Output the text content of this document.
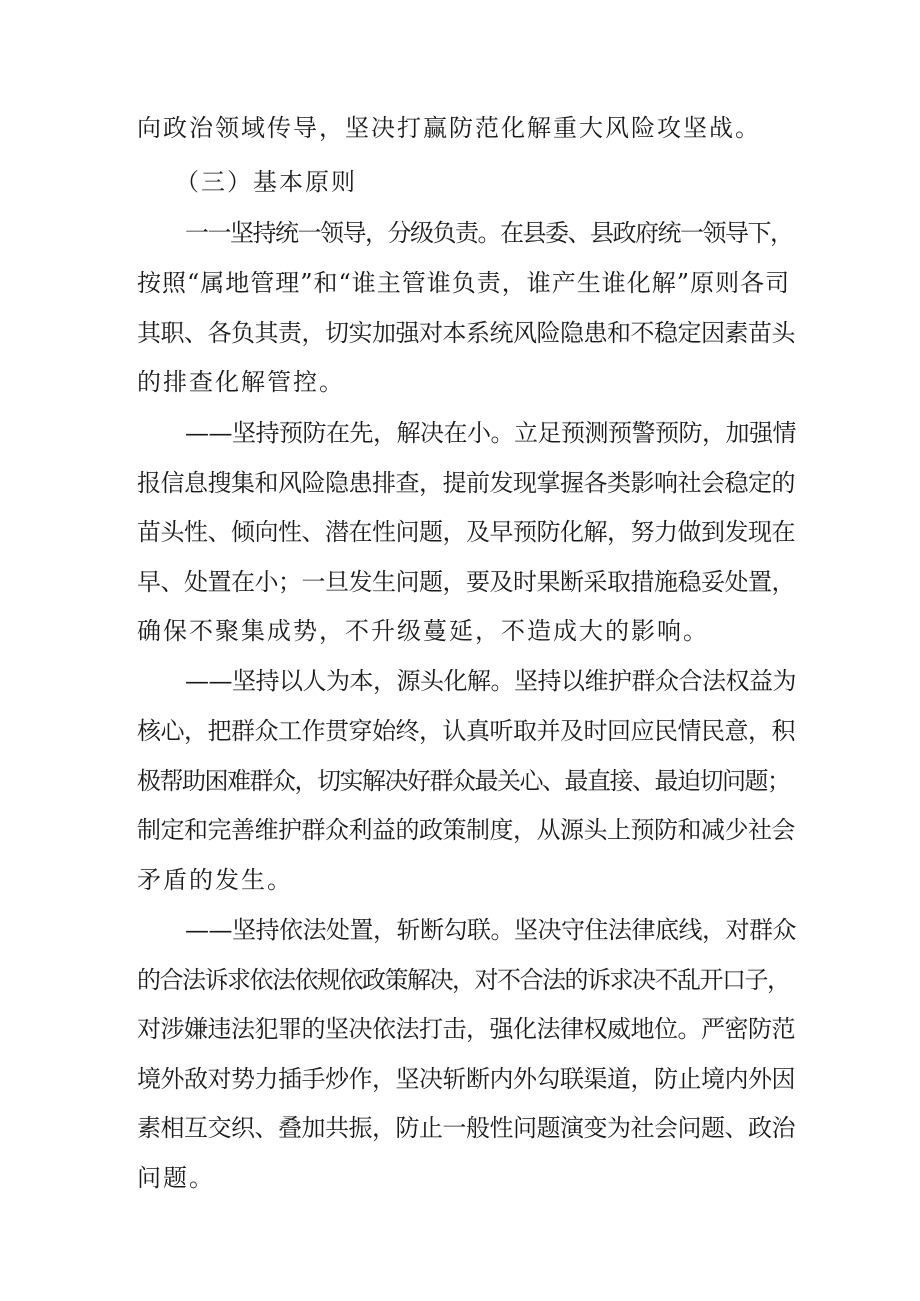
向政治领域传导，坚决打赢防范化解重大风险攻坚战。
（三）基本原则
一一坚持统一领导，分级负责。在县委、县政府统一领导下，
按照“属地管理”和“谁主管谁负责，谁产生谁化解”原则各司
其职、各负其责，切实加强对本系统风险隐患和不稳定因素苗头
的排查化解管控。
——坚持预防在先，解决在小。立足预测预警预防，加强情
报信息搜集和风险隐患排查，提前发现掌握各类影响社会稳定的
苗头性、倾向性、潜在性问题，及早预防化解，努力做到发现在
早、处置在小；一旦发生问题，要及时果断采取措施稳妥处置，
确保不聚集成势，不升级蔓延，不造成大的影响。
——坚持以人为本，源头化解。坚持以维护群众合法权益为
核心，把群众工作贯穿始终，认真听取并及时回应民情民意，积
极帮助困难群众，切实解决好群众最关心、最直接、最迫切问题；
制定和完善维护群众利益的政策制度，从源头上预防和减少社会
矛盾的发生。
——坚持依法处置，斩断勾联。坚决守住法律底线，对群众
的合法诉求依法依规依政策解决，对不合法的诉求决不乱开口子，
对涉嫌违法犯罪的坚决依法打击，强化法律权威地位。严密防范
境外敌对势力插手炒作，坚决斩断内外勾联渠道，防止境内外因
素相互交织、叠加共振，防止一般性问题演变为社会问题、政治
问题。
